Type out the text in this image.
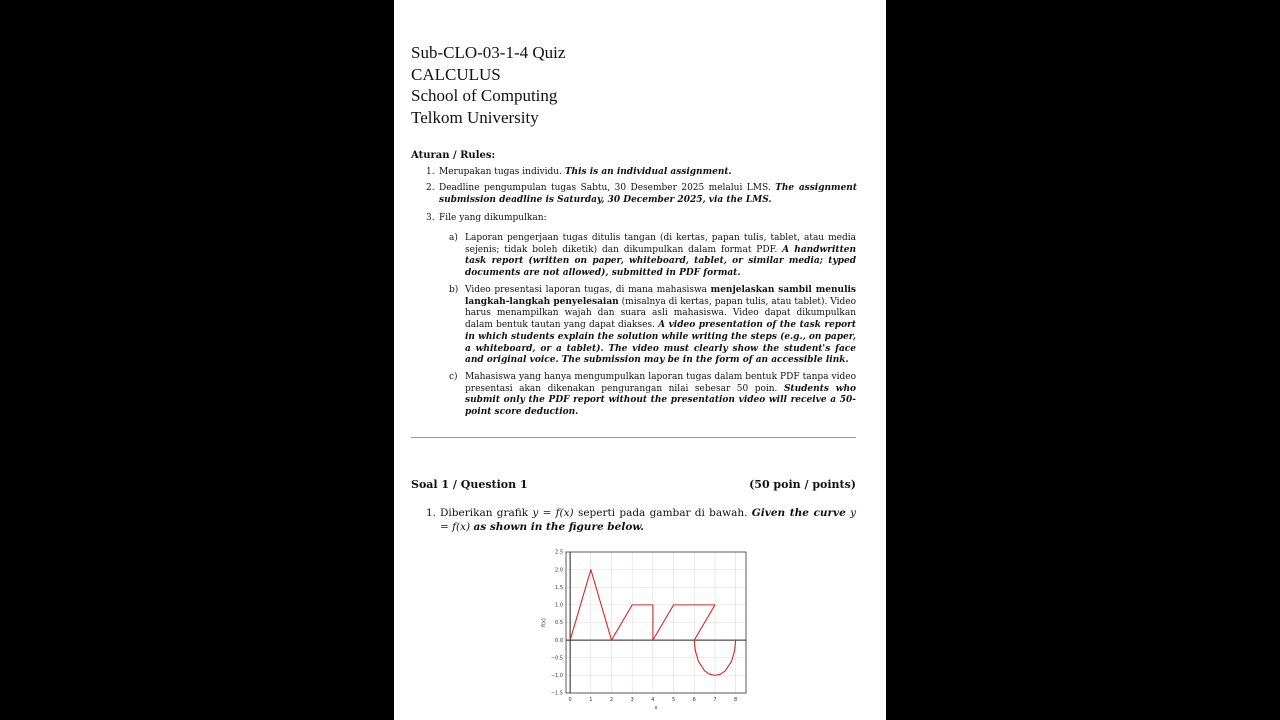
Sub-CLO-03-1-4 Quiz
CALCULUS
School of Computing
Telkom University
Aturan / Rules:
1. Merupakan tugas individu. This is an individual assignment.
2. Deadline pengumpulan tugas Sabtu, 30 Desember 2025 melalui LMS. The assignment submission deadline is Saturday, 30 December 2025, via the LMS.
3. File yang dikumpulkan:
a) Laporan pengerjaan tugas ditulis tangan (di kertas, papan tulis, tablet, atau media sejenis; tidak boleh diketik) dan dikumpulkan dalam format PDF. A handwritten task report (written on paper, whiteboard, tablet, or similar media; typed documents are not allowed), submitted in PDF format.
b) Video presentasi laporan tugas, di mana mahasiswa menjelaskan sambil menulis langkah-langkah penyelesaian (misalnya di kertas, papan tulis, atau tablet). Video harus menampilkan wajah dan suara asli mahasiswa. Video dapat dikumpulkan dalam bentuk tautan yang dapat diakses. A video presentation of the task report in which students explain the solution while writing the steps (e.g., on paper, a whiteboard, or a tablet). The video must clearly show the student's face and original voice. The submission may be in the form of an accessible link.
c) Mahasiswa yang hanya mengumpulkan laporan tugas dalam bentuk PDF tanpa video presentasi akan dikenakan pengurangan nilai sebesar 50 poin. Students who submit only the PDF report without the presentation video will receive a 50-point score deduction.
Soal 1 / Question 1	(50 poin / points)
1. Diberikan grafik y = f(x) seperti pada gambar di bawah. Given the curve y = f(x) as shown in the figure below.
0	1	2	3	4	5	6	7	8
−1.5
−1.0
−0.5
0.0
0.5
1.0
1.5
2.0
2.5
x
f(x)
